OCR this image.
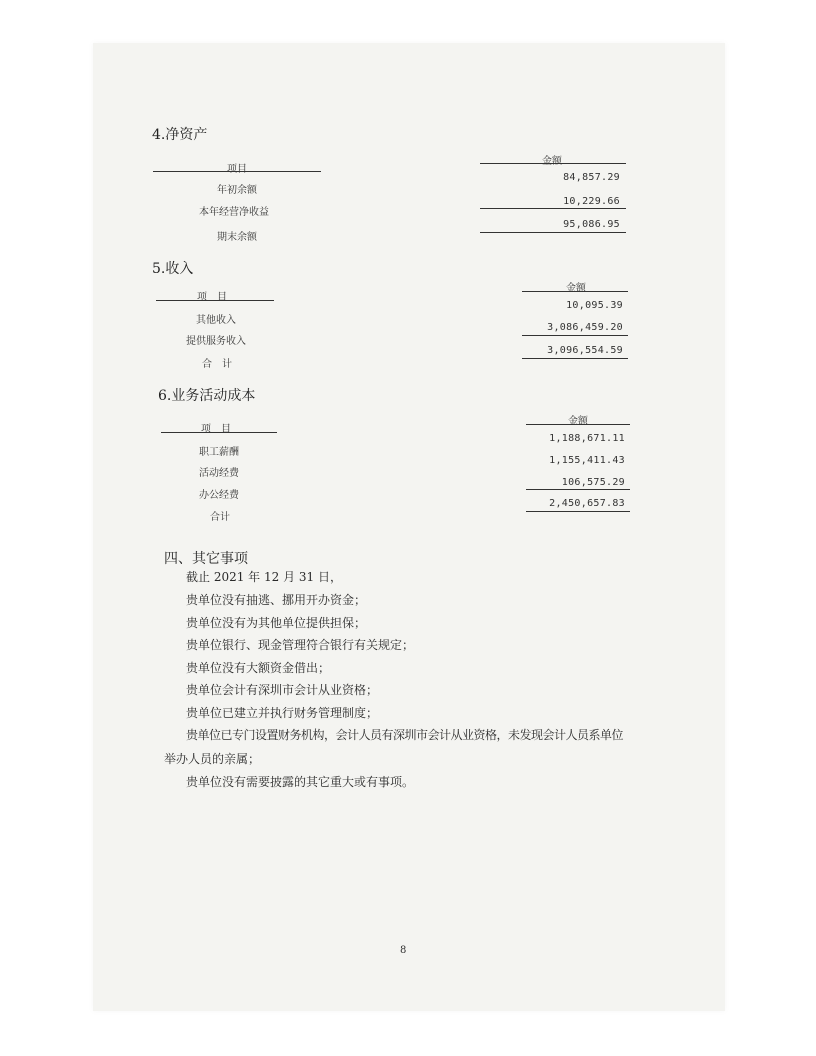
4.净资产
项目
金额
年初余额
84,857.29
本年经营净收益
10,229.66
期末余额
95,086.95
5.收入
项　目
金额
其他收入
10,095.39
提供服务收入
3,086,459.20
合　计
3,096,554.59
6.业务活动成本
项　目
金额
职工薪酬
1,188,671.11
活动经费
1,155,411.43
办公经费
106,575.29
合计
2,450,657.83
四、其它事项
截止 2021 年 12 月 31 日，
贵单位没有抽逃、挪用开办资金；
贵单位没有为其他单位提供担保；
贵单位银行、现金管理符合银行有关规定；
贵单位没有大额资金借出；
贵单位会计有深圳市会计从业资格；
贵单位已建立并执行财务管理制度；
贵单位已专门设置财务机构，会计人员有深圳市会计从业资格，未发现会计人员系单位
举办人员的亲属；
贵单位没有需要披露的其它重大或有事项。
8
